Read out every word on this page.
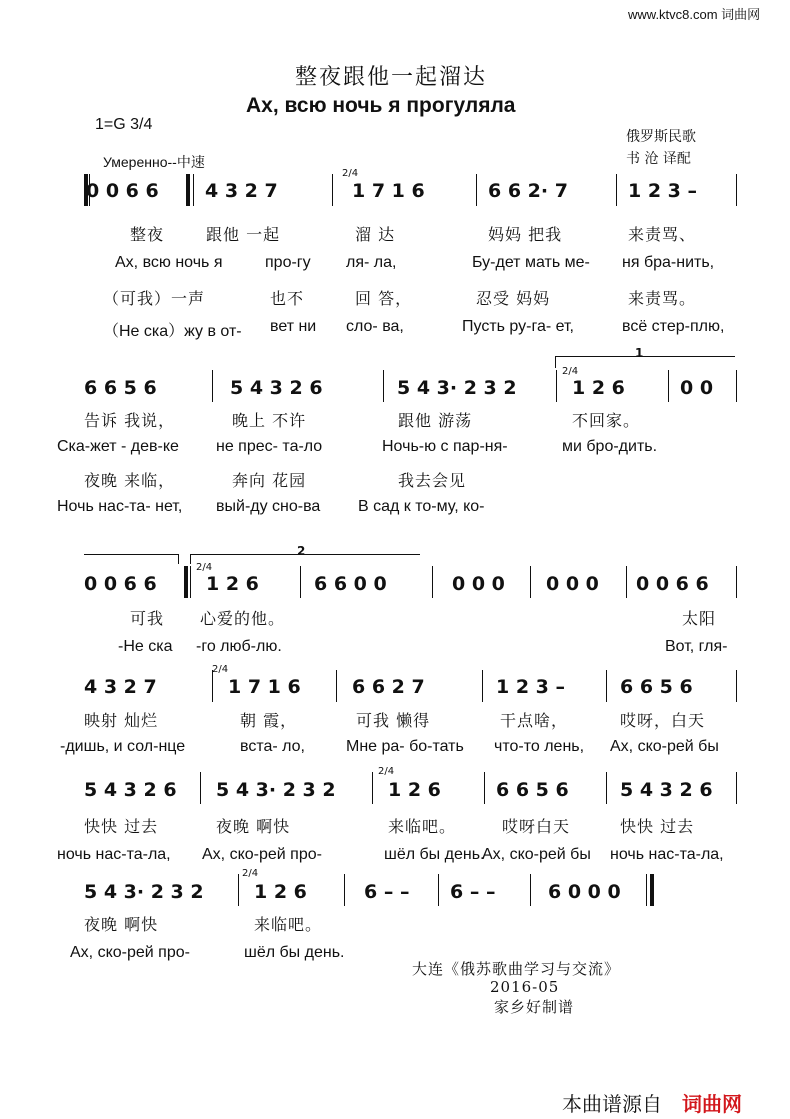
www.ktvc8.com 词曲网
整夜跟他一起溜达
Ах, всю ночь я прогуляла
1=G 3/4
俄罗斯民歌
书 沧 译配
Умеренно--中速
0 0 6 6 4 3 2 7
2/4
1 7 1 6	6 6 2· 7	1 2 3 –
整夜	跟他 一起	溜 达	妈妈 把我	来责骂、
Ах, всю ночь я	про-гу ля- ла,	Бу-дет мать ме- ня бра-нить,
（可我）一声	也不	回 答，	忍受 妈妈	来责骂。
（Не ска）жу в от- вет ни сло- ва,	Пусть ру-га- ет,	всё стер-плю,
1
6 6 5 6	5 4 3 2 6	5 4 3· 2 3 2
2/4
1 2 6	0 0
告诉 我说，	晚上 不许	跟他 游荡	不回家。
Ска-жет - дев-ке не прес- та-ло	Ночь-ю с пар-ня-	ми бро-дить.
夜晚 来临，	奔向 花园	我去会见
Ночь нас-та- нет, вый-ду сно-ва В сад к то-му, ко-
2
0 0 6 6
2/4
1 2 6	6 6 0 0	0 0 0 0 0 0 0 0 6 6
可我 心爱的他。	太阳
-Не ска -го люб-лю.	Вот, гля-
4 3 2 7
2/4
1 7 1 6	6 6 2 7	1 2 3 –	6 6 5 6
映射 灿烂	朝 霞，	可我 懒得	干点啥，	哎呀，白天
-дишь, и сол-нце	вста- ло,	Мне ра- бо-тать что-то лень, Ах, ско-рей бы
5 4 3 2 6 5 4 3· 2 3 2
2/4
1 2 6	6 6 5 6	5 4 3 2 6
快快 过去	夜晚 啊快	来临吧。	哎呀白天	快快 过去
ночь нас-та-ла, Ах, ско-рей про-	шёл бы день.
Ах, ско-рей бы ночь нас-та-ла,
5 4 3· 2 3 2
2/4
1 2 6	6 – – 6 – –	6 0 0 0
夜晚 啊快	来临吧。
Ах, ско-рей про-	шёл бы день.
大连《俄苏歌曲学习与交流》
2016-05
家乡好制谱
本曲谱源自 词曲网
